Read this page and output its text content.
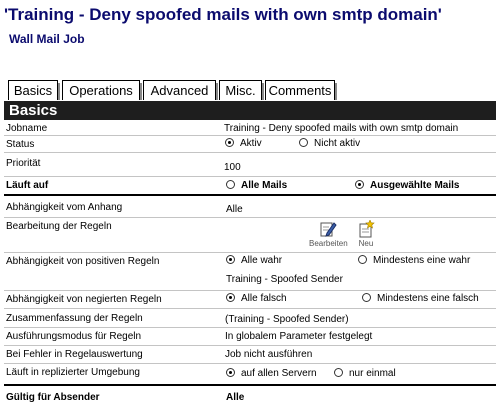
'Training - Deny spoofed mails with own smtp domain'
Wall Mail Job
Basics	Operations	Advanced	Misc. Comments
Basics
Jobname	Training - Deny spoofed mails with own smtp domain
Status	Aktiv	Nicht aktiv
Priorität	100
Läuft auf	Alle Mails	Ausgewählte Mails
Abhängigkeit vom Anhang	Alle
Bearbeitung der Regeln
Bearbeiten Neu
Abhängigkeit von positiven Regeln	Alle wahr	Mindestens eine wahr
Training - Spoofed Sender
Abhängigkeit von negierten Regeln	Alle falsch	Mindestens eine falsch
Zusammenfassung der Regeln	(Training - Spoofed Sender)
Ausführungsmodus für Regeln	In globalem Parameter festgelegt
Bei Fehler in Regelauswertung	Job nicht ausführen
Läuft in replizierter Umgebung	auf allen Servern	nur einmal
Gültig für Absender	Alle
